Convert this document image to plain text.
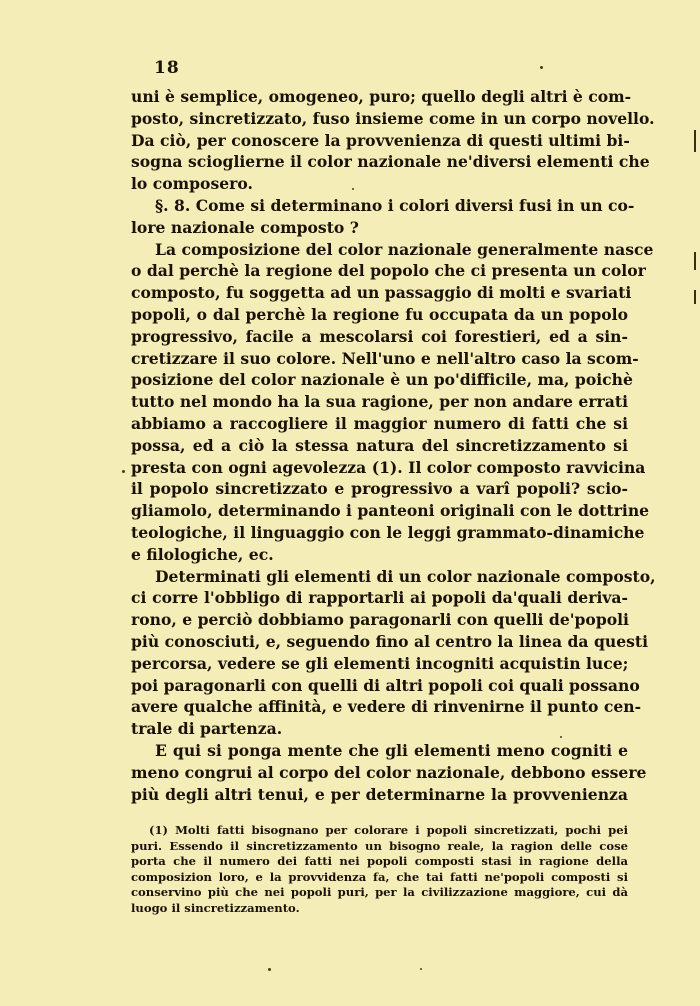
18
uni è semplice, omogeneo, puro; quello degli altri è com-
posto, sincretizzato, fuso insieme come in un corpo novello.
Da ciò, per conoscere la provvenienza di questi ultimi bi-
sogna scioglierne il color nazionale ne'diversi elementi che
lo composero.
§. 8. Come si determinano i colori diversi fusi in un co-
lore nazionale composto ?
La composizione del color nazionale generalmente nasce
o dal perchè la regione del popolo che ci presenta un color
composto, fu soggetta ad un passaggio di molti e svariati
popoli, o dal perchè la regione fu occupata da un popolo
progressivo, facile a mescolarsi coi forestieri, ed a sin-
cretizzare il suo colore. Nell'uno e nell'altro caso la scom-
posizione del color nazionale è un po'difficile, ma, poichè
tutto nel mondo ha la sua ragione, per non andare errati
abbiamo a raccogliere il maggior numero di fatti che si
possa, ed a ciò la stessa natura del sincretizzamento si
presta con ogni agevolezza (1). Il color composto ravvicina
il popolo sincretizzato e progressivo a varî popoli? scio-
gliamolo, determinando i panteoni originali con le dottrine
teologiche, il linguaggio con le leggi grammato-dinamiche
e filologiche, ec.
Determinati gli elementi di un color nazionale composto,
ci corre l'obbligo di rapportarli ai popoli da'quali deriva-
rono, e perciò dobbiamo paragonarli con quelli de'popoli
più conosciuti, e, seguendo fino al centro la linea da questi
percorsa, vedere se gli elementi incogniti acquistin luce;
poi paragonarli con quelli di altri popoli coi quali possano
avere qualche affinità, e vedere di rinvenirne il punto cen-
trale di partenza.
E qui si ponga mente che gli elementi meno cogniti e
meno congrui al corpo del color nazionale, debbono essere
più degli altri tenui, e per determinarne la provvenienza
(1) Molti fatti bisognano per colorare i popoli sincretizzati, pochi pei
puri. Essendo il sincretizzamento un bisogno reale, la ragion delle cose
porta che il numero dei fatti nei popoli composti stasi in ragione della
composizion loro, e la provvidenza fa, che tai fatti ne'popoli composti si
conservino più che nei popoli puri, per la civilizzazione maggiore, cui dà
luogo il sincretizzamento.
